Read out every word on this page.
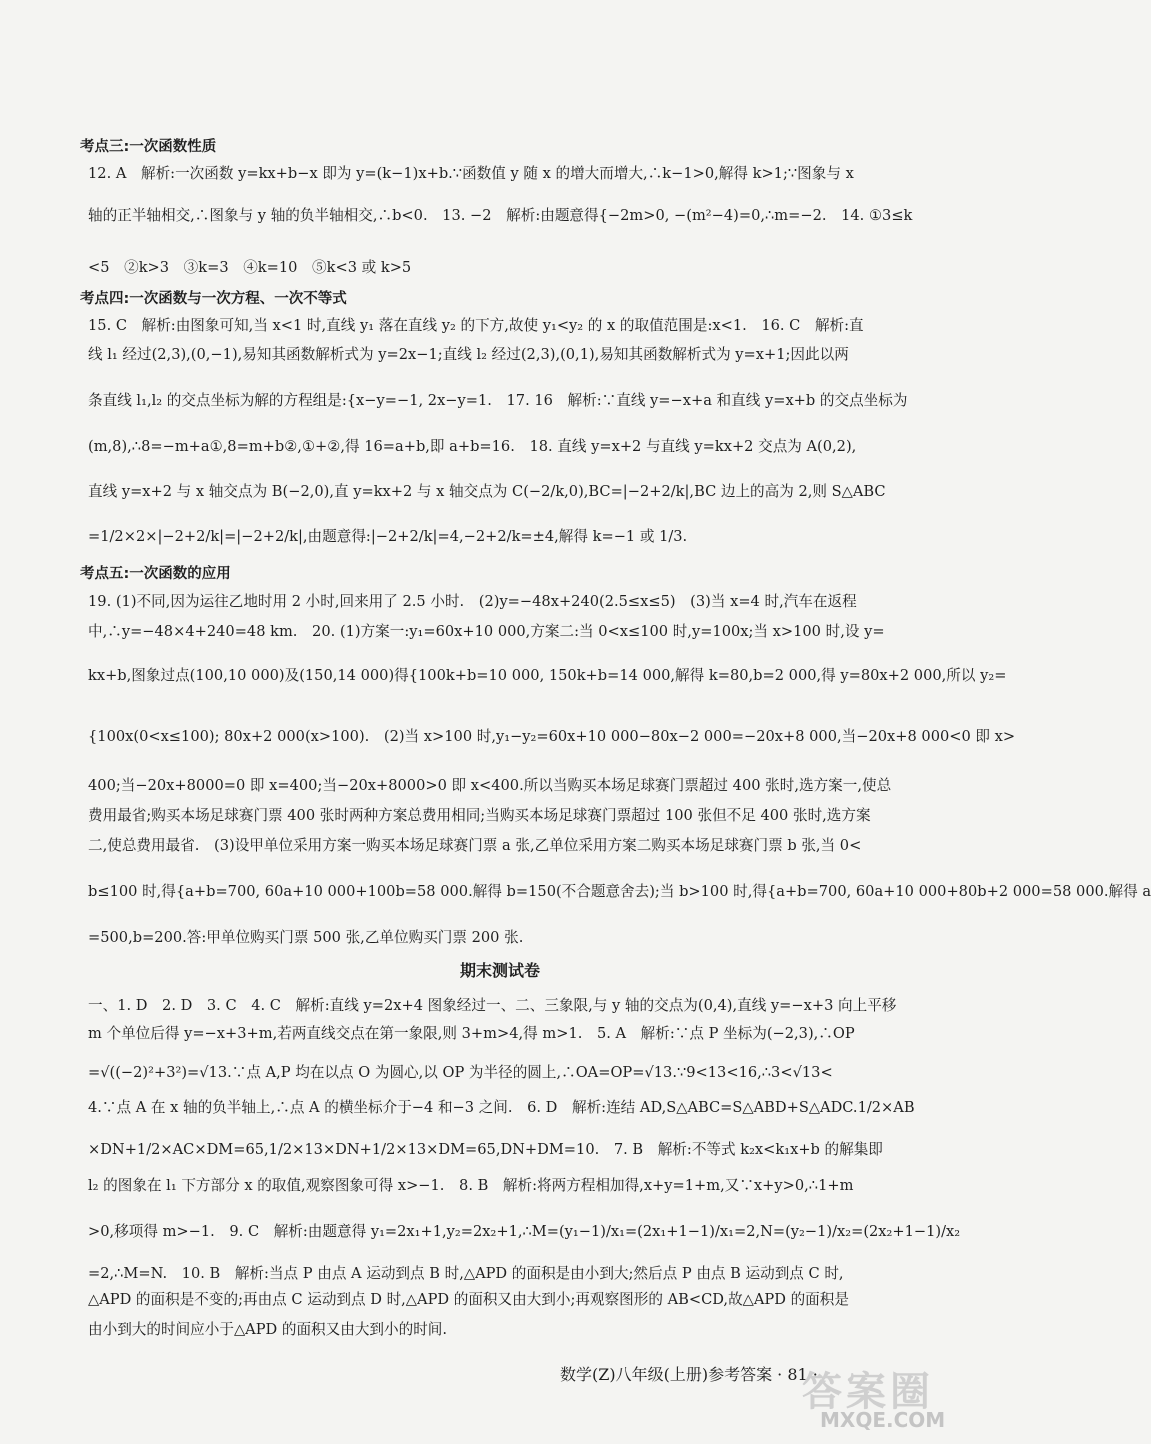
考点三:一次函数性质
12. A　解析:一次函数 y=kx+b−x 即为 y=(k−1)x+b.∵函数值 y 随 x 的增大而增大,∴k−1>0,解得 k>1;∵图象与 x
轴的正半轴相交,∴图象与 y 轴的负半轴相交,∴b<0.　13. −2　解析:由题意得{−2m>0, −(m²−4)=0,∴m=−2.　14. ①3≤k
<5　②k>3　③k=3　④k=10　⑤k<3 或 k>5
考点四:一次函数与一次方程、一次不等式
15. C　解析:由图象可知,当 x<1 时,直线 y₁ 落在直线 y₂ 的下方,故使 y₁<y₂ 的 x 的取值范围是:x<1.　16. C　解析:直
线 l₁ 经过(2,3),(0,−1),易知其函数解析式为 y=2x−1;直线 l₂ 经过(2,3),(0,1),易知其函数解析式为 y=x+1;因此以两
条直线 l₁,l₂ 的交点坐标为解的方程组是:{x−y=−1, 2x−y=1.　17. 16　解析:∵直线 y=−x+a 和直线 y=x+b 的交点坐标为
(m,8),∴8=−m+a①,8=m+b②,①+②,得 16=a+b,即 a+b=16.　18. 直线 y=x+2 与直线 y=kx+2 交点为 A(0,2),
直线 y=x+2 与 x 轴交点为 B(−2,0),直 y=kx+2 与 x 轴交点为 C(−2/k,0),BC=|−2+2/k|,BC 边上的高为 2,则 S△ABC
=1/2×2×|−2+2/k|=|−2+2/k|,由题意得:|−2+2/k|=4,−2+2/k=±4,解得 k=−1 或 1/3.
考点五:一次函数的应用
19. (1)不同,因为运往乙地时用 2 小时,回来用了 2.5 小时.　(2)y=−48x+240(2.5≤x≤5)　(3)当 x=4 时,汽车在返程
中,∴y=−48×4+240=48 km.　20. (1)方案一:y₁=60x+10 000,方案二:当 0<x≤100 时,y=100x;当 x>100 时,设 y=
kx+b,图象过点(100,10 000)及(150,14 000)得{100k+b=10 000, 150k+b=14 000,解得 k=80,b=2 000,得 y=80x+2 000,所以 y₂=
{100x(0<x≤100); 80x+2 000(x>100).　(2)当 x>100 时,y₁−y₂=60x+10 000−80x−2 000=−20x+8 000,当−20x+8 000<0 即 x>
400;当−20x+8000=0 即 x=400;当−20x+8000>0 即 x<400.所以当购买本场足球赛门票超过 400 张时,选方案一,使总
费用最省;购买本场足球赛门票 400 张时两种方案总费用相同;当购买本场足球赛门票超过 100 张但不足 400 张时,选方案
二,使总费用最省.　(3)设甲单位采用方案一购买本场足球赛门票 a 张,乙单位采用方案二购买本场足球赛门票 b 张,当 0<
b≤100 时,得{a+b=700, 60a+10 000+100b=58 000.解得 b=150(不合题意舍去);当 b>100 时,得{a+b=700, 60a+10 000+80b+2 000=58 000.解得 a
=500,b=200.答:甲单位购买门票 500 张,乙单位购买门票 200 张.
期末测试卷
一、1. D　2. D　3. C　4. C　解析:直线 y=2x+4 图象经过一、二、三象限,与 y 轴的交点为(0,4),直线 y=−x+3 向上平移
m 个单位后得 y=−x+3+m,若两直线交点在第一象限,则 3+m>4,得 m>1.　5. A　解析:∵点 P 坐标为(−2,3),∴OP
=√((−2)²+3²)=√13.∵点 A,P 均在以点 O 为圆心,以 OP 为半径的圆上,∴OA=OP=√13.∵9<13<16,∴3<√13<
4.∵点 A 在 x 轴的负半轴上,∴点 A 的横坐标介于−4 和−3 之间.　6. D　解析:连结 AD,S△ABC=S△ABD+S△ADC.1/2×AB
×DN+1/2×AC×DM=65,1/2×13×DN+1/2×13×DM=65,DN+DM=10.　7. B　解析:不等式 k₂x<k₁x+b 的解集即
l₂ 的图象在 l₁ 下方部分 x 的取值,观察图象可得 x>−1.　8. B　解析:将两方程相加得,x+y=1+m,又∵x+y>0,∴1+m
>0,移项得 m>−1.　9. C　解析:由题意得 y₁=2x₁+1,y₂=2x₂+1,∴M=(y₁−1)/x₁=(2x₁+1−1)/x₁=2,N=(y₂−1)/x₂=(2x₂+1−1)/x₂
=2,∴M=N.　10. B　解析:当点 P 由点 A 运动到点 B 时,△APD 的面积是由小到大;然后点 P 由点 B 运动到点 C 时,
△APD 的面积是不变的;再由点 C 运动到点 D 时,△APD 的面积又由大到小;再观察图形的 AB<CD,故△APD 的面积是
由小到大的时间应小于△APD 的面积又由大到小的时间.
数学(Z)八年级(上册)参考答案 · 81 ·
答案圈
MXQE.COM
